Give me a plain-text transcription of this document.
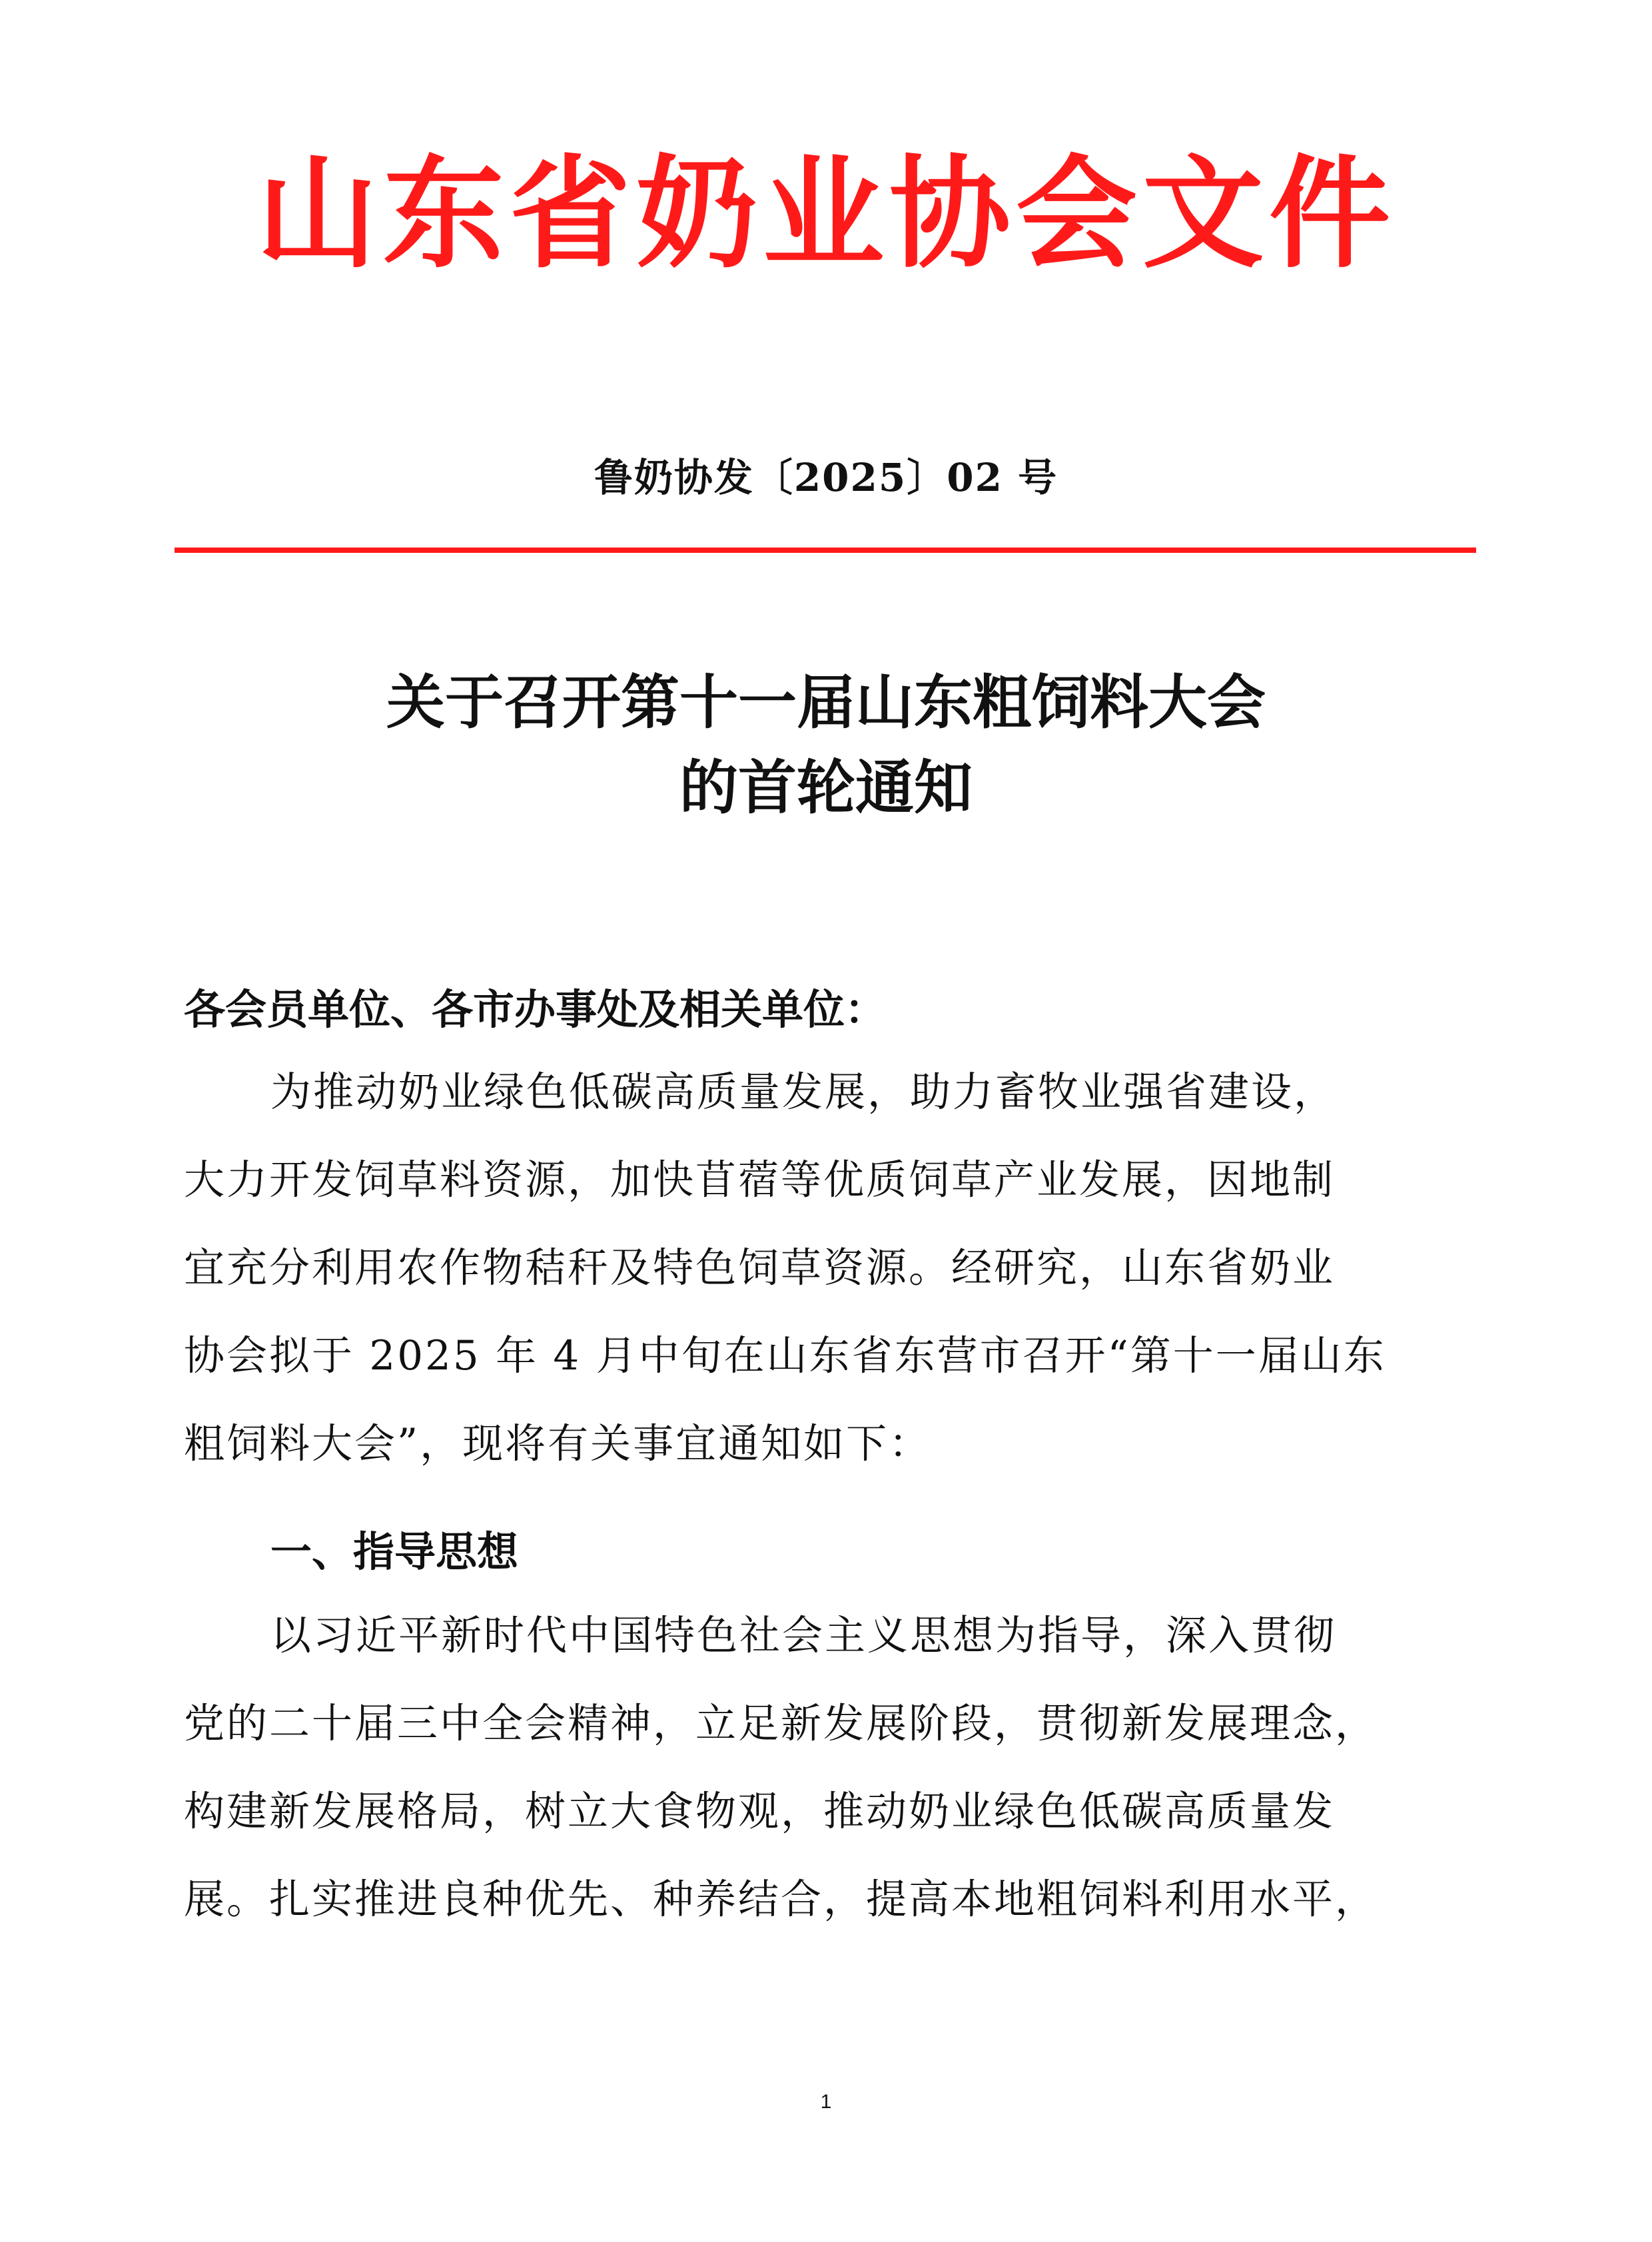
山东省奶业协会文件
鲁奶协发〔2025〕02 号
关于召开第十一届山东粗饲料大会
的首轮通知
各会员单位、各市办事处及相关单位：
为推动奶业绿色低碳高质量发展，助力畜牧业强省建设，
大力开发饲草料资源，加快苜蓿等优质饲草产业发展，因地制
宜充分利用农作物秸秆及特色饲草资源。经研究，山东省奶业
协会拟于 2025 年 4 月中旬在山东省东营市召开“第十一届山东
粗饲料大会”，现将有关事宜通知如下：
一、指导思想
以习近平新时代中国特色社会主义思想为指导，深入贯彻
党的二十届三中全会精神，立足新发展阶段，贯彻新发展理念，
构建新发展格局，树立大食物观，推动奶业绿色低碳高质量发
展。扎实推进良种优先、种养结合，提高本地粗饲料利用水平，
1
